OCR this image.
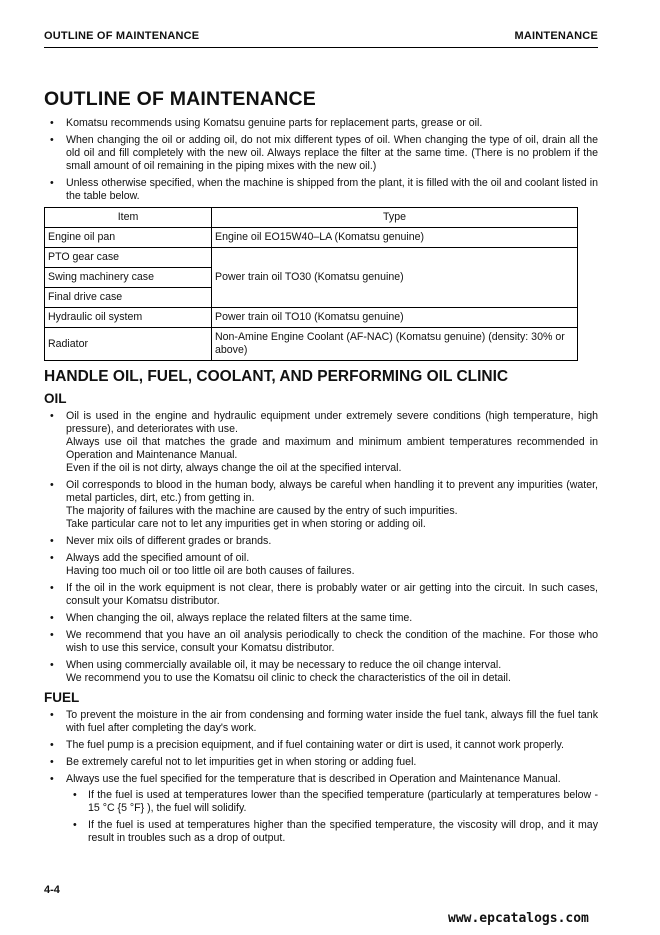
OUTLINE OF MAINTENANCE	MAINTENANCE
OUTLINE OF MAINTENANCE
• Komatsu recommends using Komatsu genuine parts for replacement parts, grease or oil.
• When changing the oil or adding oil, do not mix different types of oil. When changing the type of oil, drain all the old oil and fill completely with the new oil. Always replace the filter at the same time. (There is no problem if the small amount of oil remaining in the piping mixes with the new oil.)
• Unless otherwise specified, when the machine is shipped from the plant, it is filled with the oil and coolant listed in the table below.
Item	Type
Engine oil pan	Engine oil EO15W40–LA (Komatsu genuine)
PTO gear case	Power train oil TO30 (Komatsu genuine)
Swing machinery case	
Final drive case	
Hydraulic oil system	Power train oil TO10 (Komatsu genuine)
Radiator	Non-Amine Engine Coolant (AF-NAC) (Komatsu genuine) (density: 30% or above)
HANDLE OIL, FUEL, COOLANT, AND PERFORMING OIL CLINIC
OIL
• Oil is used in the engine and hydraulic equipment under extremely severe conditions (high temperature, high pressure), and deteriorates with use.
Always use oil that matches the grade and maximum and minimum ambient temperatures recommended in Operation and Maintenance Manual.
Even if the oil is not dirty, always change the oil at the specified interval.
• Oil corresponds to blood in the human body, always be careful when handling it to prevent any impurities (water, metal particles, dirt, etc.) from getting in.
The majority of failures with the machine are caused by the entry of such impurities.
Take particular care not to let any impurities get in when storing or adding oil.
• Never mix oils of different grades or brands.
• Always add the specified amount of oil.
Having too much oil or too little oil are both causes of failures.
• If the oil in the work equipment is not clear, there is probably water or air getting into the circuit. In such cases, consult your Komatsu distributor.
• When changing the oil, always replace the related filters at the same time.
• We recommend that you have an oil analysis periodically to check the condition of the machine. For those who wish to use this service, consult your Komatsu distributor.
• When using commercially available oil, it may be necessary to reduce the oil change interval.
We recommend you to use the Komatsu oil clinic to check the characteristics of the oil in detail.
FUEL
• To prevent the moisture in the air from condensing and forming water inside the fuel tank, always fill the fuel tank with fuel after completing the day's work.
• The fuel pump is a precision equipment, and if fuel containing water or dirt is used, it cannot work properly.
• Be extremely careful not to let impurities get in when storing or adding fuel.
• Always use the fuel specified for the temperature that is described in Operation and Maintenance Manual.
• If the fuel is used at temperatures lower than the specified temperature (particularly at temperatures below - 15 °C {5 °F} ), the fuel will solidify.
• If the fuel is used at temperatures higher than the specified temperature, the viscosity will drop, and it may result in troubles such as a drop of output.
4-4
www.epcatalogs.com
